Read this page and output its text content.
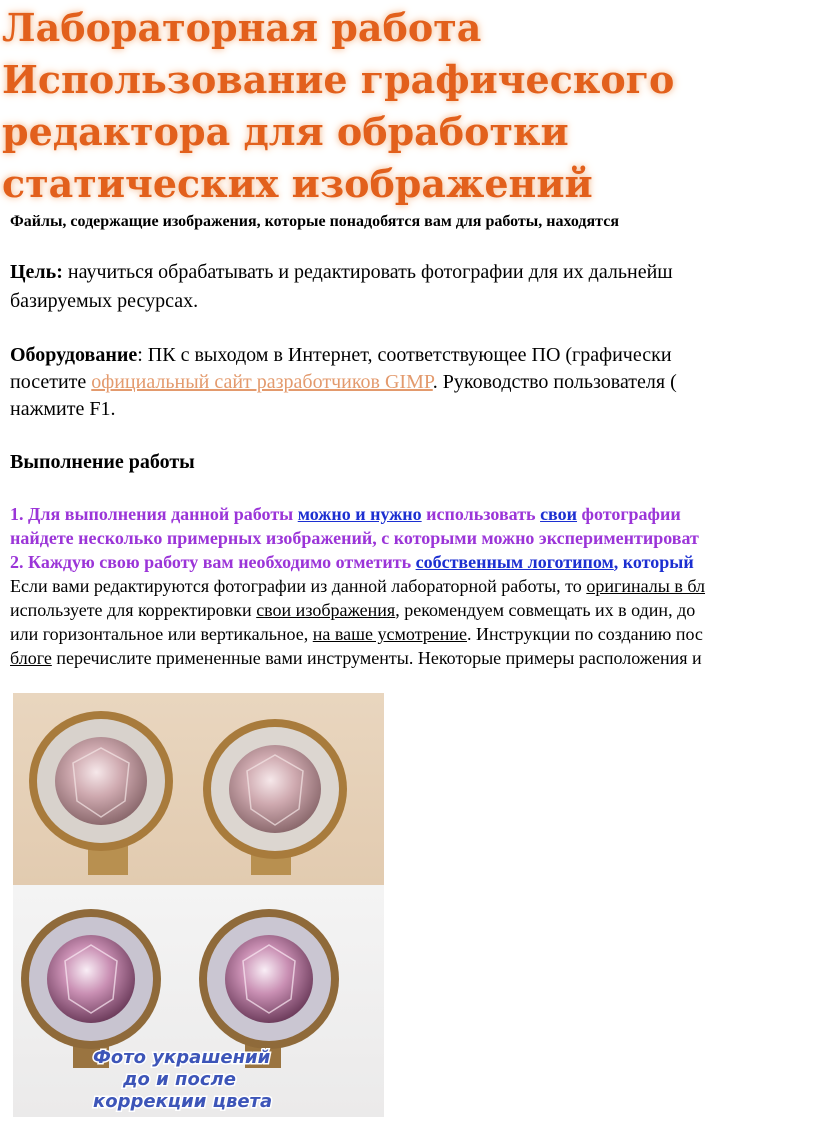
Лабораторная работа
Использование графического
редактора для обработки
статических изображений
Файлы, содержащие изображения, которые понадобятся вам для работы, находятся
Цель: научиться обрабатывать и редактировать фотографии для их дальнейш
базируемых ресурсах.
Оборудование: ПК с выходом в Интернет, соответствующее ПО (графически
посетите официальный сайт разработчиков GIMP. Руководство пользователя (
нажмите F1.
Выполнение работы
1. Для выполнения данной работы можно и нужно использовать свои фотографии
найдете несколько примерных изображений, с которыми можно экспериментироват
2. Каждую свою работу вам необходимо отметить собственным логотипом, который
Если вами редактируются фотографии из данной лабораторной работы, то оригиналы в бл
используете для корректировки свои изображения, рекомендуем совмещать их в один, до
или горизонтальное или вертикальное, на ваше усмотрение. Инструкции по созданию пос
блоге перечислите примененные вами инструменты. Некоторые примеры расположения и
Фото украшений
до и после
коррекции цвета
